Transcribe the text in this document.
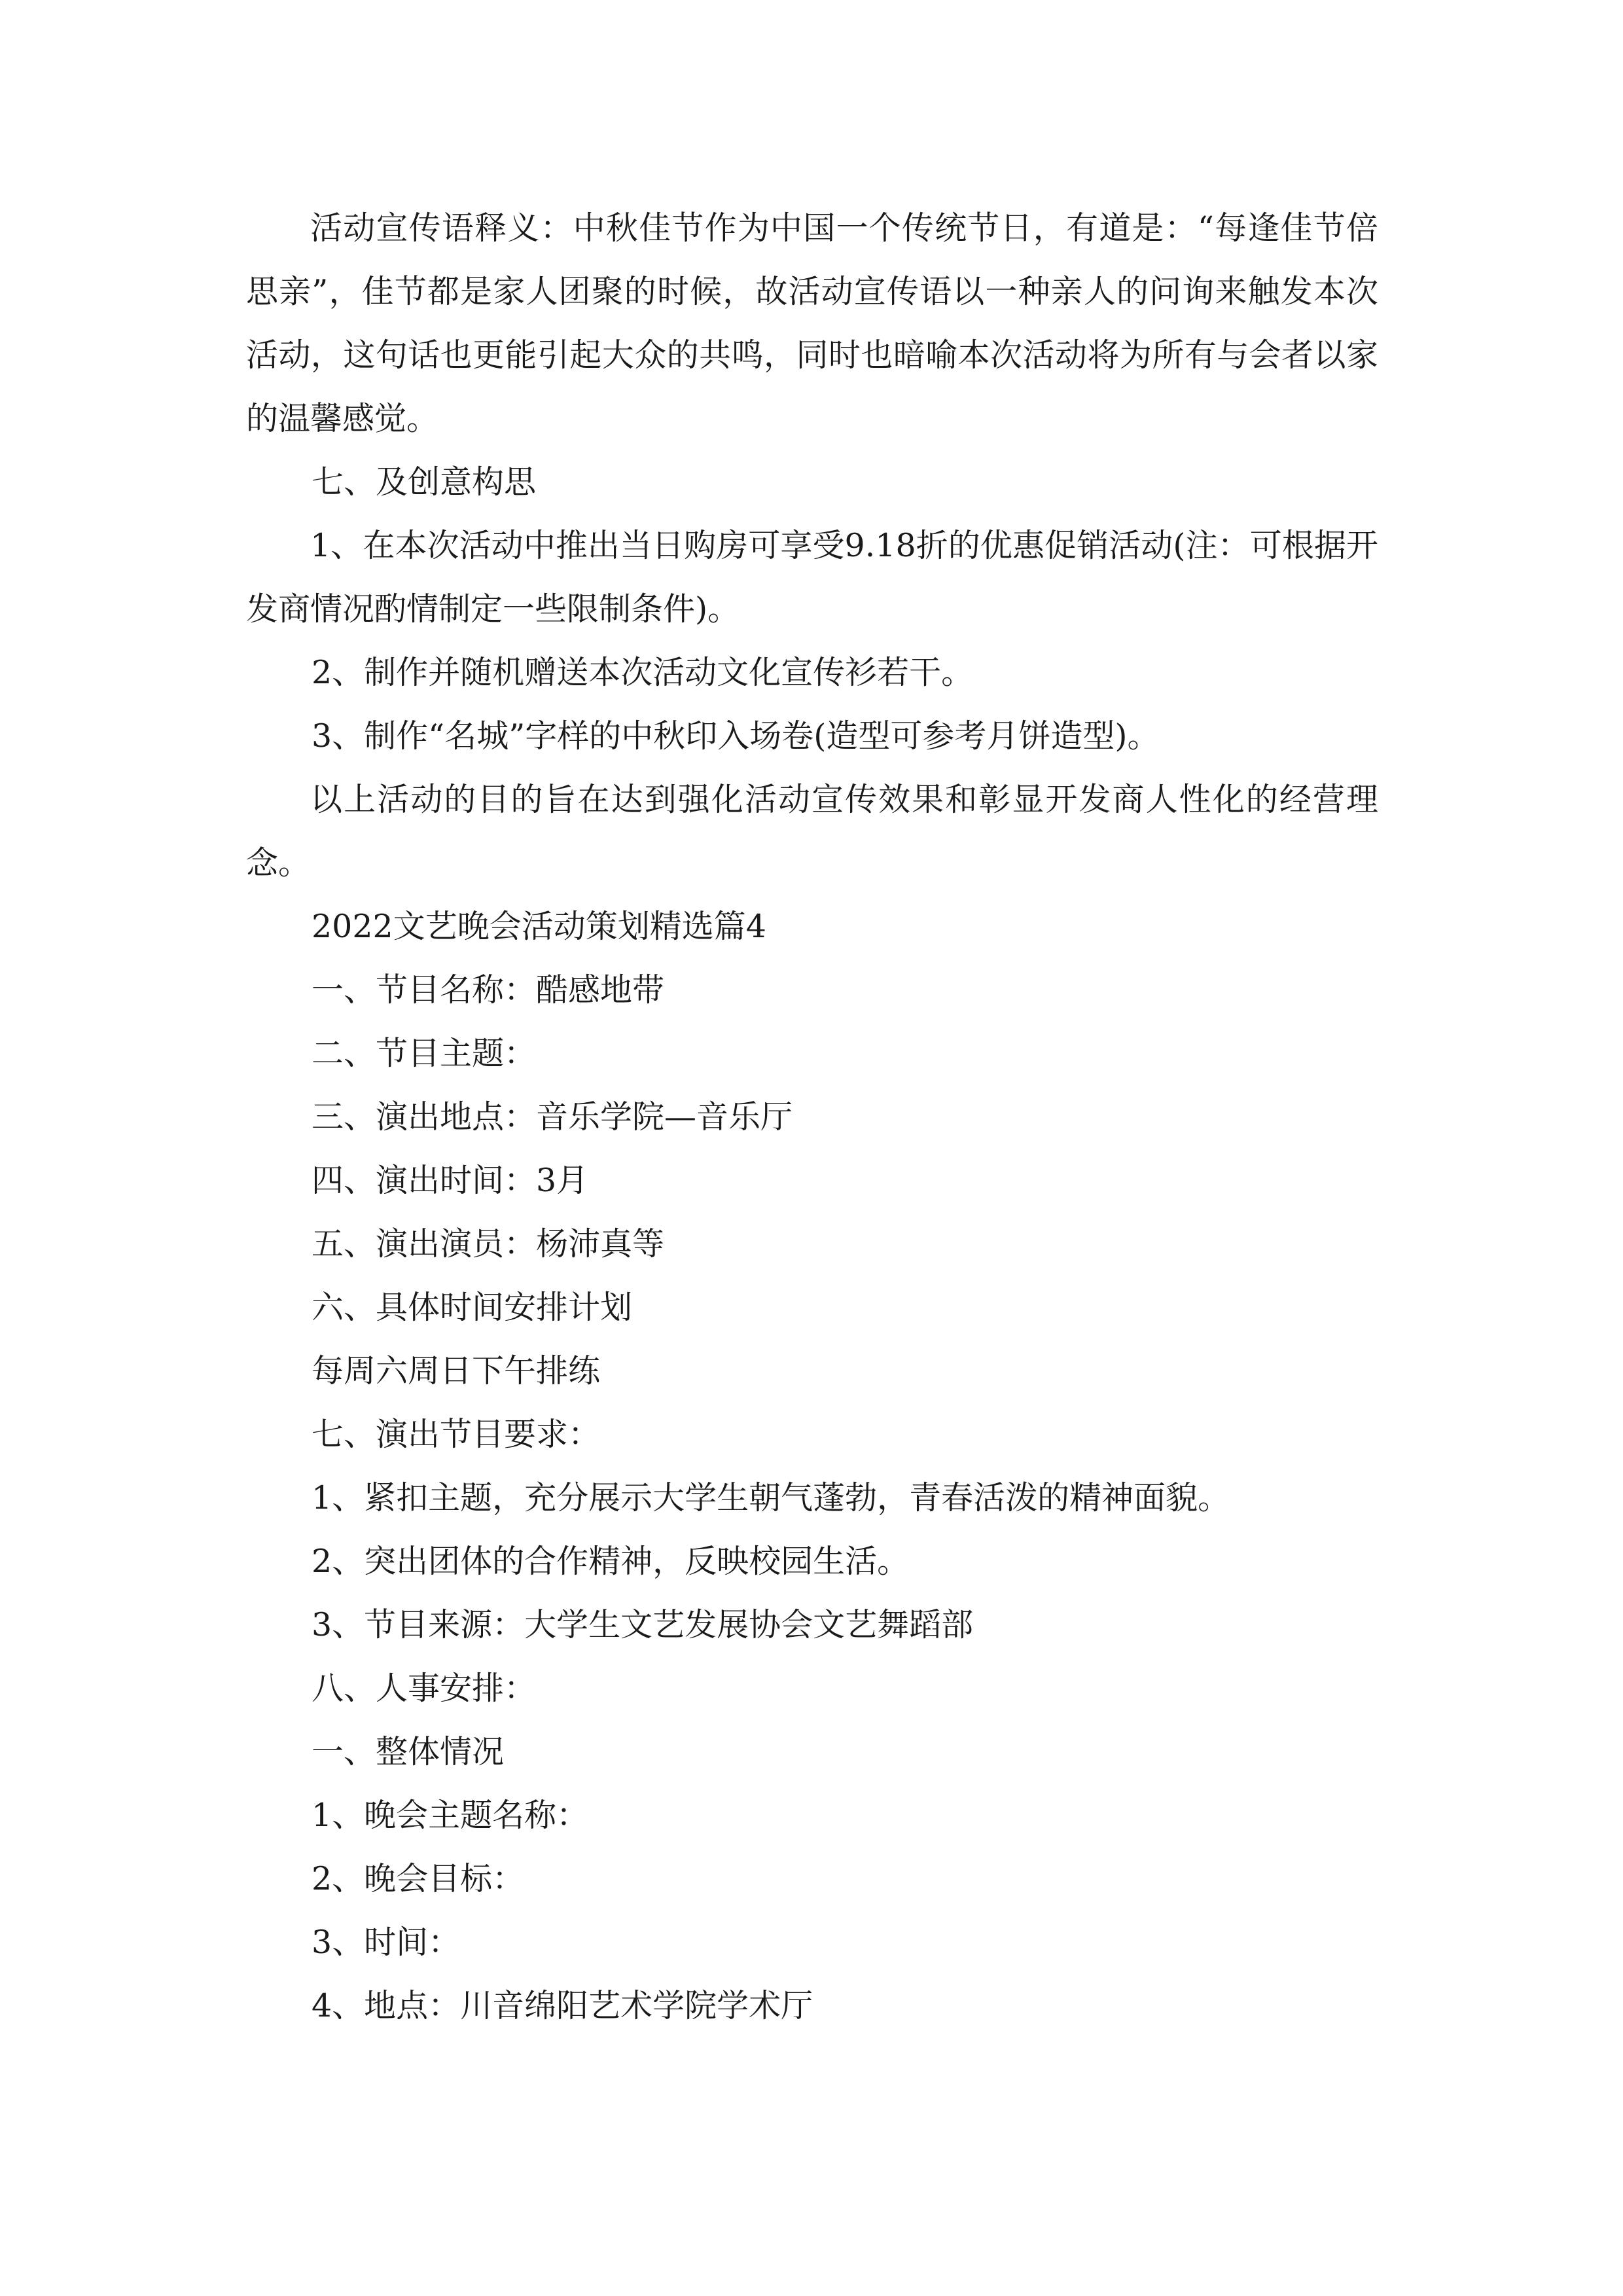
活动宣传语释义：中秋佳节作为中国一个传统节日，有道是：“每逢佳节倍思亲”，佳节都是家人团聚的时候，故活动宣传语以一种亲人的问询来触发本次活动，这句话也更能引起大众的共鸣，同时也暗喻本次活动将为所有与会者以家的温馨感觉。

七、及创意构思

1、在本次活动中推出当日购房可享受9.18折的优惠促销活动(注：可根据开发商情况酌情制定一些限制条件)。

2、制作并随机赠送本次活动文化宣传衫若干。

3、制作“名城”字样的中秋印入场卷(造型可参考月饼造型)。

以上活动的目的旨在达到强化活动宣传效果和彰显开发商人性化的经营理念。

2022文艺晚会活动策划精选篇4

一、节目名称：酷感地带

二、节目主题：

三、演出地点：音乐学院—音乐厅

四、演出时间：3月

五、演出演员：杨沛真等

六、具体时间安排计划

每周六周日下午排练

七、演出节目要求：

1、紧扣主题，充分展示大学生朝气蓬勃，青春活泼的精神面貌。

2、突出团体的合作精神，反映校园生活。

3、节目来源：大学生文艺发展协会文艺舞蹈部

八、人事安排：

一、整体情况

1、晚会主题名称：

2、晚会目标：

3、时间：

4、地点：川音绵阳艺术学院学术厅
